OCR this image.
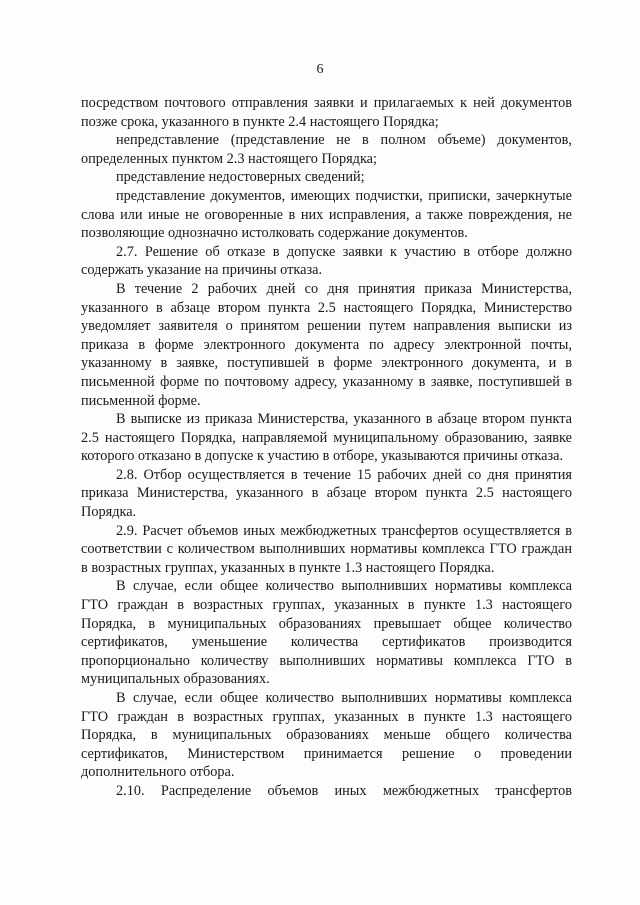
6

посредством почтового отправления заявки и прилагаемых к ней документов позже срока, указанного в пункте 2.4 настоящего Порядка;

непредставление (представление не в полном объеме) документов, определенных пунктом 2.3 настоящего Порядка;

представление недостоверных сведений;

представление документов, имеющих подчистки, приписки, зачеркнутые слова или иные не оговоренные в них исправления, а также повреждения, не позволяющие однозначно истолковать содержание документов.

2.7. Решение об отказе в допуске заявки к участию в отборе должно содержать указание на причины отказа.

В течение 2 рабочих дней со дня принятия приказа Министерства, указанного в абзаце втором пункта 2.5 настоящего Порядка, Министерство уведомляет заявителя о принятом решении путем направления выписки из приказа в форме электронного документа по адресу электронной почты, указанному в заявке, поступившей в форме электронного документа, и в письменной форме по почтовому адресу, указанному в заявке, поступившей в письменной форме.

В выписке из приказа Министерства, указанного в абзаце втором пункта 2.5 настоящего Порядка, направляемой муниципальному образованию, заявке которого отказано в допуске к участию в отборе, указываются причины отказа.

2.8. Отбор осуществляется в течение 15 рабочих дней со дня принятия приказа Министерства, указанного в абзаце втором пункта 2.5 настоящего Порядка.

2.9. Расчет объемов иных межбюджетных трансфертов осуществляется в соответствии с количеством выполнивших нормативы комплекса ГТО граждан в возрастных группах, указанных в пункте 1.3 настоящего Порядка.

В случае, если общее количество выполнивших нормативы комплекса ГТО граждан в возрастных группах, указанных в пункте 1.3 настоящего Порядка, в муниципальных образованиях превышает общее количество сертификатов, уменьшение количества сертификатов производится пропорционально количеству выполнивших нормативы комплекса ГТО в муниципальных образованиях.

В случае, если общее количество выполнивших нормативы комплекса ГТО граждан в возрастных группах, указанных в пункте 1.3 настоящего Порядка, в муниципальных образованиях меньше общего количества сертификатов, Министерством принимается решение о проведении дополнительного отбора.

2.10. Распределение объемов иных межбюджетных трансфертов
